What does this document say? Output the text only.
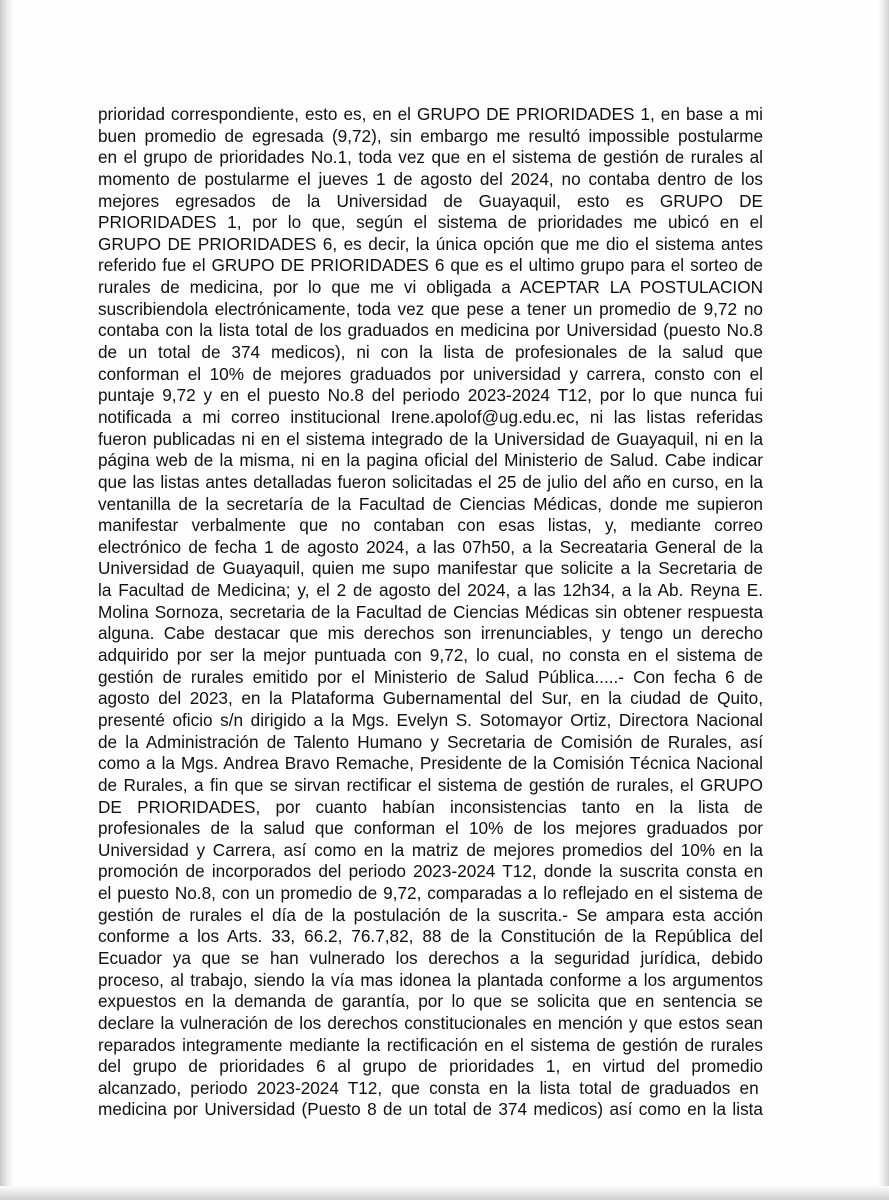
prioridad correspondiente, esto es, en el GRUPO DE PRIORIDADES 1, en base a mi
buen promedio de egresada (9,72), sin embargo me resultó impossible postularme
en el grupo de prioridades No.1, toda vez que en el sistema de gestión de rurales al
momento de postularme el jueves 1 de agosto del 2024, no contaba dentro de los
mejores egresados de la Universidad de Guayaquil, esto es GRUPO DE
PRIORIDADES 1, por lo que, según el sistema de prioridades me ubicó en el
GRUPO DE PRIORIDADES 6, es decir, la única opción que me dio el sistema antes
referido fue el GRUPO DE PRIORIDADES 6 que es el ultimo grupo para el sorteo de
rurales de medicina, por lo que me vi obligada a ACEPTAR LA POSTULACION
suscribiendola electrónicamente, toda vez que pese a tener un promedio de 9,72 no
contaba con la lista total de los graduados en medicina por Universidad (puesto No.8
de un total de 374 medicos), ni con la lista de profesionales de la salud que
conforman el 10% de mejores graduados por universidad y carrera, consto con el
puntaje 9,72 y en el puesto No.8 del periodo 2023-2024 T12, por lo que nunca fui
notificada a mi correo institucional Irene.apolof@ug.edu.ec, ni las listas referidas
fueron publicadas ni en el sistema integrado de la Universidad de Guayaquil, ni en la
página web de la misma, ni en la pagina oficial del Ministerio de Salud. Cabe indicar
que las listas antes detalladas fueron solicitadas el 25 de julio del año en curso, en la
ventanilla de la secretaría de la Facultad de Ciencias Médicas, donde me supieron
manifestar verbalmente que no contaban con esas listas, y, mediante correo
electrónico de fecha 1 de agosto 2024, a las 07h50, a la Secreataria General de la
Universidad de Guayaquil, quien me supo manifestar que solicite a la Secretaria de
la Facultad de Medicina; y, el 2 de agosto del 2024, a las 12h34, a la Ab. Reyna E.
Molina Sornoza, secretaria de la Facultad de Ciencias Médicas sin obtener respuesta
alguna. Cabe destacar que mis derechos son irrenunciables, y tengo un derecho
adquirido por ser la mejor puntuada con 9,72, lo cual, no consta en el sistema de
gestión de rurales emitido por el Ministerio de Salud Pública.....- Con fecha 6 de
agosto del 2023, en la Plataforma Gubernamental del Sur, en la ciudad de Quito,
presenté oficio s/n dirigido a la Mgs. Evelyn S. Sotomayor Ortiz, Directora Nacional
de la Administración de Talento Humano y Secretaria de Comisión de Rurales, así
como a la Mgs. Andrea Bravo Remache, Presidente de la Comisión Técnica Nacional
de Rurales, a fin que se sirvan rectificar el sistema de gestión de rurales, el GRUPO
DE PRIORIDADES, por cuanto habían inconsistencias tanto en la lista de
profesionales de la salud que conforman el 10% de los mejores graduados por
Universidad y Carrera, así como en la matriz de mejores promedios del 10% en la
promoción de incorporados del periodo 2023-2024 T12, donde la suscrita consta en
el puesto No.8, con un promedio de 9,72, comparadas a lo reflejado en el sistema de
gestión de rurales el día de la postulación de la suscrita.- Se ampara esta acción
conforme a los Arts. 33, 66.2, 76.7,82, 88 de la Constitución de la República del
Ecuador ya que se han vulnerado los derechos a la seguridad jurídica, debido
proceso, al trabajo, siendo la vía mas idonea la plantada conforme a los argumentos
expuestos en la demanda de garantía, por lo que se solicita que en sentencia se
declare la vulneración de los derechos constitucionales en mención y que estos sean
reparados integramente mediante la rectificación en el sistema de gestión de rurales
del grupo de prioridades 6 al grupo de prioridades 1, en virtud del promedio
alcanzado, periodo 2023-2024 T12, que consta en la lista total de graduados en
medicina por Universidad (Puesto 8 de un total de 374 medicos) así como en la lista
